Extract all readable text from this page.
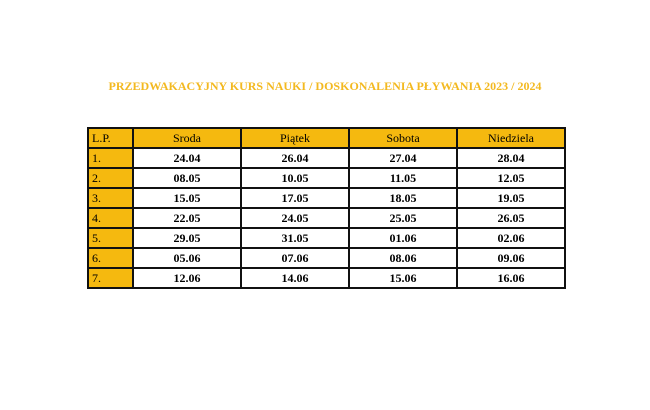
PRZEDWAKACYJNY KURS NAUKI / DOSKONALENIA PŁYWANIA 2023 / 2024
L.P.	Sroda	Piątek	Sobota	Niedziela
1.	24.04	26.04	27.04	28.04
2.	08.05	10.05	11.05	12.05
3.	15.05	17.05	18.05	19.05
4.	22.05	24.05	25.05	26.05
5.	29.05	31.05	01.06	02.06
6.	05.06	07.06	08.06	09.06
7.	12.06	14.06	15.06	16.06
